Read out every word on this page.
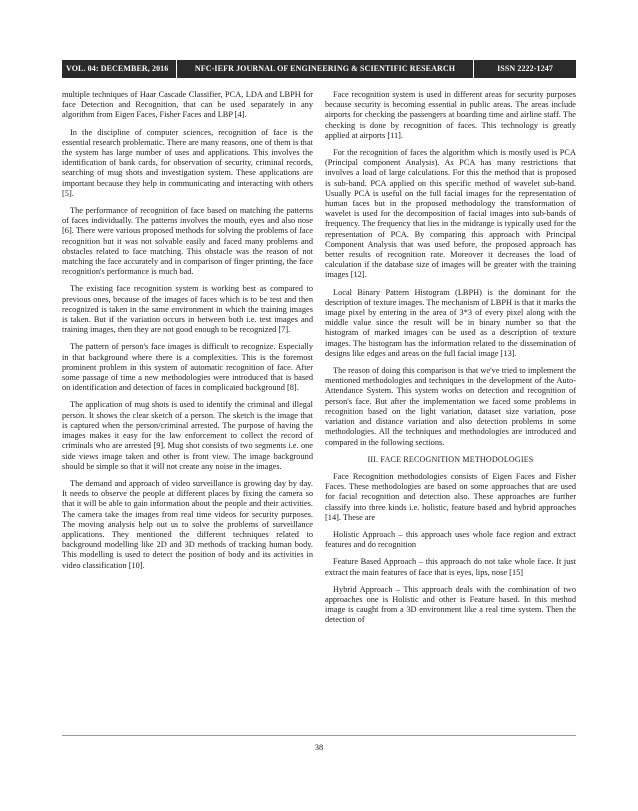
VOL. 04: DECEMBER, 2016	NFC-IEFR JOURNAL OF ENGINEERING & SCIENTIFIC RESEARCH	ISSN 2222-1247

multiple techniques of Haar Cascade Classifier, PCA, LDA and LBPH for face Detection and Recognition, that can be used separately in any algorithm from Eigen Faces, Fisher Faces and LBP [4].

In the discipline of computer sciences, recognition of face is the essential research problematic. There are many reasons, one of them is that the system has large number of uses and applications. This involves the identification of bank cards, for observation of security, criminal records, searching of mug shots and investigation system. These applications are important because they help in communicating and interacting with others [5].

The performance of recognition of face based on matching the patterns of faces individually. The patterns involves the mouth, eyes and also nose [6]. There were various proposed methods for solving the problems of face recognition but it was not solvable easily and faced many problems and obstacles related to face matching. This obstacle was the reason of not matching the face accurately and in comparison of finger printing, the face recognition's performance is much bad.

The existing face recognition system is working best as compared to previous ones, because of the images of faces which is to be test and then recognized is taken in the same environment in which the training images is taken. But if the variation occurs in between both i.e. test images and training images, then they are not good enough to be recognized [7].

The pattern of person's face images is difficult to recognize. Especially in that background where there is a complexities. This is the foremost prominent problem in this system of automatic recognition of face. After some passage of time a new methodologies were introduced that is based on identification and detection of faces in complicated background [8].

The application of mug shots is used to identify the criminal and illegal person. It shows the clear sketch of a person. The sketch is the image that is captured when the person/criminal arrested. The purpose of having the images makes it easy for the law enforcement to collect the record of criminals who are arrested [9]. Mug shot consists of two segments i.e. one side views image taken and other is front view. The image background should be simple so that it will not create any noise in the images.

The demand and approach of video surveillance is growing day by day. It needs to observe the people at different places by fixing the camera so that it will be able to gain information about the people and their activities. The camera take the images from real time videos for security purposes. The moving analysis help out us to solve the problems of surveillance applications. They mentioned the different techniques related to background modelling like 2D and 3D methods of tracking human body. This modelling is used to detect the position of body and its activities in video classification [10].

Face recognition system is used in different areas for security purposes because security is becoming essential in public areas. The areas include airports for checking the passengers at boarding time and airline staff. The checking is done by recognition of faces. This technology is greatly applied at airports [11].

For the recognition of faces the algorithm which is mostly used is PCA (Principal component Analysis). As PCA has many restrictions that involves a load of large calculations. For this the method that is proposed is sub-band. PCA applied on this specific method of wavelet sub-band. Usually PCA is useful on the full facial images for the representation of human faces but in the proposed methodology the transformation of wavelet is used for the decomposition of facial images into sub-bands of frequency. The frequency that lies in the midrange is typically used for the representation of PCA. By comparing this approach with Principal Component Analysis that was used before, the proposed approach has better results of recognition rate. Moreover it decreases the load of calculation if the database size of images will be greater with the training images [12].

Local Binary Pattern Histogram (LBPH) is the dominant for the description of texture images. The mechanism of LBPH is that it marks the image pixel by entering in the area of 3*3 of every pixel along with the middle value since the result will be in binary number so that the histogram of marked images can be used as a description of texture images. The histogram has the information related to the dissemination of designs like edges and areas on the full facial image [13].

The reason of doing this comparison is that we've tried to implement the mentioned methodologies and techniques in the development of the Auto-Attendance System. This system works on detection and recognition of person's face. But after the implementation we faced some problems in recognition based on the light variation, dataset size variation, pose variation and distance variation and also detection problems in some methodologies. All the techniques and methodologies are introduced and compared in the following sections.

III. FACE RECOGNITION METHODOLOGIES

Face Recognition methodologies consists of Eigen Faces and Fisher Faces. These methodologies are based on some approaches that are used for facial recognition and detection also. These approaches are further classify into three kinds i.e. holistic, feature based and hybrid approaches [14]. These are

Holistic Approach – this approach uses whole face region and extract features and do recognition

Feature Based Approach – this approach do not take whole face. It just extract the main features of face that is eyes, lips, nose [15]

Hybrid Approach – This approach deals with the combination of two approaches one is Holistic and other is Feature based. In this method image is caught from a 3D environment like a real time system. Then the detection of

38
